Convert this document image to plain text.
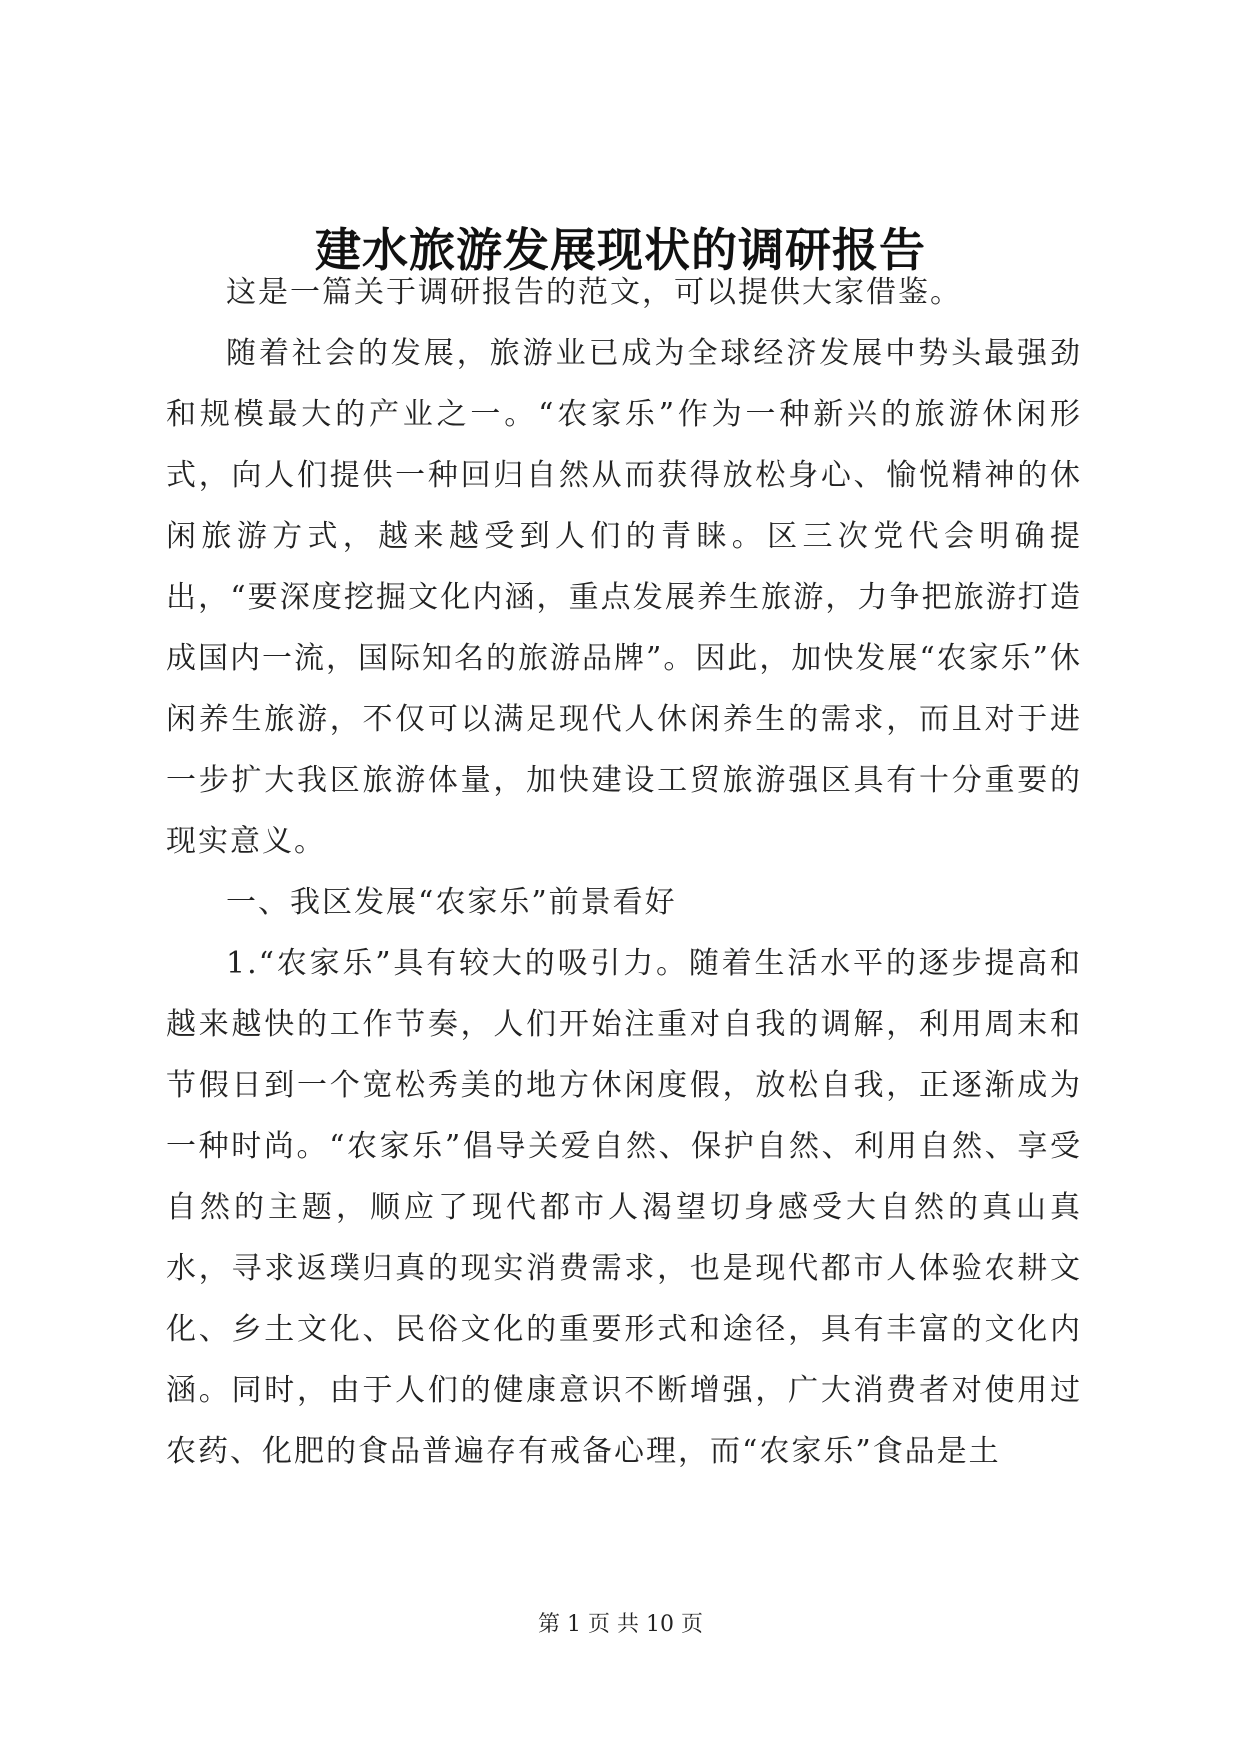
建水旅游发展现状的调研报告

这是一篇关于调研报告的范文，可以提供大家借鉴。

随着社会的发展，旅游业已成为全球经济发展中势头最强劲和规模最大的产业之一。“农家乐”作为一种新兴的旅游休闲形式，向人们提供一种回归自然从而获得放松身心、愉悦精神的休闲旅游方式，越来越受到人们的青睐。区三次党代会明确提出，“要深度挖掘文化内涵，重点发展养生旅游，力争把旅游打造成国内一流，国际知名的旅游品牌”。因此，加快发展“农家乐”休闲养生旅游，不仅可以满足现代人休闲养生的需求，而且对于进一步扩大我区旅游体量，加快建设工贸旅游强区具有十分重要的现实意义。

一、我区发展“农家乐”前景看好

1.“农家乐”具有较大的吸引力。随着生活水平的逐步提高和越来越快的工作节奏，人们开始注重对自我的调解，利用周末和节假日到一个宽松秀美的地方休闲度假，放松自我，正逐渐成为一种时尚。“农家乐”倡导关爱自然、保护自然、利用自然、享受自然的主题，顺应了现代都市人渴望切身感受大自然的真山真水，寻求返璞归真的现实消费需求，也是现代都市人体验农耕文化、乡土文化、民俗文化的重要形式和途径，具有丰富的文化内涵。同时，由于人们的健康意识不断增强，广大消费者对使用过农药、化肥的食品普遍存有戒备心理，而“农家乐”食品是土

第 1 页 共 10 页
